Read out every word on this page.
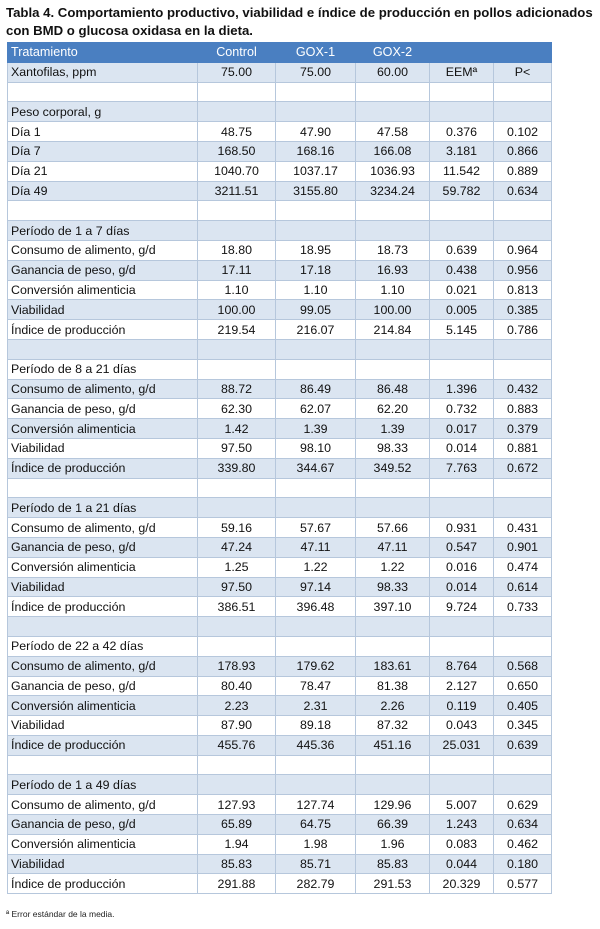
Tabla 4. Comportamiento productivo, viabilidad e índice de producción en pollos adicionados con BMD o glucosa oxidasa en la dieta.
Tratamiento	Control	GOX-1	GOX-2		
Xantofilas, ppm	75.00	75.00	60.00	EEMª	P<

Peso corporal, g					
Día 1	48.75	47.90	47.58	0.376	0.102
Día 7	168.50	168.16	166.08	3.181	0.866
Día 21	1040.70	1037.17	1036.93	11.542	0.889
Día 49	3211.51	3155.80	3234.24	59.782	0.634

Período de 1 a 7 días					
Consumo de alimento, g/d	18.80	18.95	18.73	0.639	0.964
Ganancia de peso, g/d	17.11	17.18	16.93	0.438	0.956
Conversión alimenticia	1.10	1.10	1.10	0.021	0.813
Viabilidad	100.00	99.05	100.00	0.005	0.385
Índice de producción	219.54	216.07	214.84	5.145	0.786

Período de 8 a 21 días					
Consumo de alimento, g/d	88.72	86.49	86.48	1.396	0.432
Ganancia de peso, g/d	62.30	62.07	62.20	0.732	0.883
Conversión alimenticia	1.42	1.39	1.39	0.017	0.379
Viabilidad	97.50	98.10	98.33	0.014	0.881
Índice de producción	339.80	344.67	349.52	7.763	0.672

Período de 1 a 21 días					
Consumo de alimento, g/d	59.16	57.67	57.66	0.931	0.431
Ganancia de peso, g/d	47.24	47.11	47.11	0.547	0.901
Conversión alimenticia	1.25	1.22	1.22	0.016	0.474
Viabilidad	97.50	97.14	98.33	0.014	0.614
Índice de producción	386.51	396.48	397.10	9.724	0.733

Período de 22 a 42 días					
Consumo de alimento, g/d	178.93	179.62	183.61	8.764	0.568
Ganancia de peso, g/d	80.40	78.47	81.38	2.127	0.650
Conversión alimenticia	2.23	2.31	2.26	0.119	0.405
Viabilidad	87.90	89.18	87.32	0.043	0.345
Índice de producción	455.76	445.36	451.16	25.031	0.639

Período de 1 a 49 días					
Consumo de alimento, g/d	127.93	127.74	129.96	5.007	0.629
Ganancia de peso, g/d	65.89	64.75	66.39	1.243	0.634
Conversión alimenticia	1.94	1.98	1.96	0.083	0.462
Viabilidad	85.83	85.71	85.83	0.044	0.180
Índice de producción	291.88	282.79	291.53	20.329	0.577
ª Error estándar de la media.
